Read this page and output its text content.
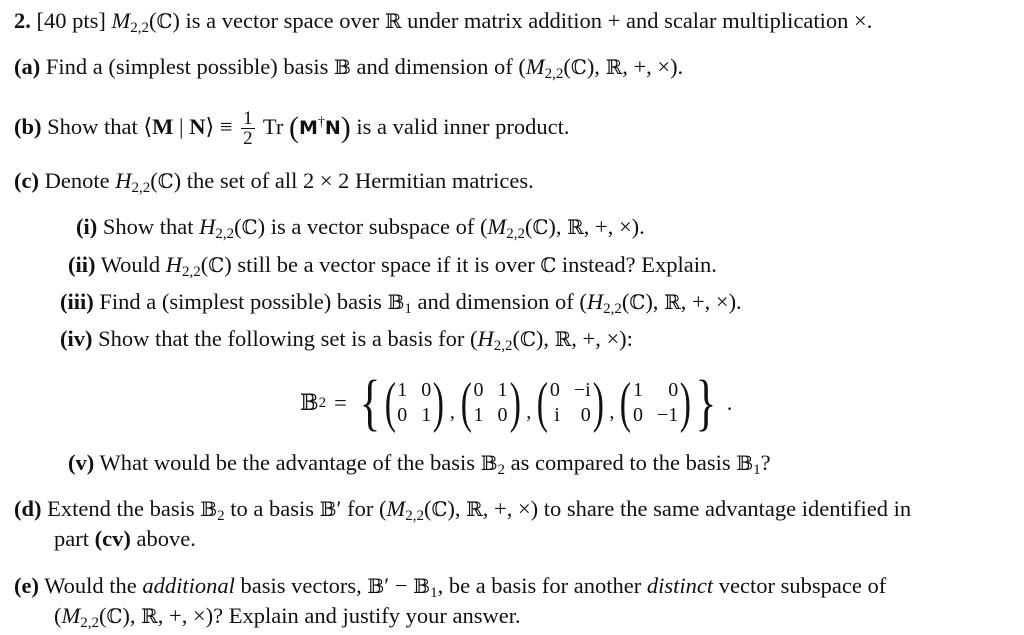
2. [40 pts] $M_{2,2}(ℂ)$ is a vector space over ℝ under matrix addition + and scalar multiplication ×.
(a) Find a (simplest possible) basis 𝔹 and dimension of ($M_{2,2}(ℂ)$, ℝ, +, ×).
(b) Show that ⟨M | N⟩ ≡ $\frac{1}{2}$ Tr (M†N) is a valid inner product.
(c) Denote $H_{2,2}(ℂ)$ the set of all 2 × 2 Hermitian matrices.
(i) Show that $H_{2,2}(ℂ)$ is a vector subspace of ($M_{2,2}(ℂ)$, ℝ, +, ×).
(ii) Would $H_{2,2}(ℂ)$ still be a vector space if it is over ℂ instead? Explain.
(iii) Find a (simplest possible) basis 𝔹$_1$ and dimension of ($H_{2,2}(ℂ)$, ℝ, +, ×).
(iv) Show that the following set is a basis for ($H_{2,2}(ℂ)$, ℝ, +, ×):
𝔹 2 = { ( 1 0
0 1 ) , ( 0 1
1 0 ) , ( 0 −i
i	0 ) , ( 1	0
0 −1 ) } .
(v) What would be the advantage of the basis 𝔹$_2$ as compared to the basis 𝔹$_1$?
(d) Extend the basis 𝔹$_2$ to a basis 𝔹′ for ($M_{2,2}(ℂ)$, ℝ, +, ×) to share the same advantage identified in
part (cv) above.
(e) Would the additional basis vectors, 𝔹′ − 𝔹$_1$, be a basis for another distinct vector subspace of
($M_{2,2}(ℂ)$, ℝ, +, ×)? Explain and justify your answer.
